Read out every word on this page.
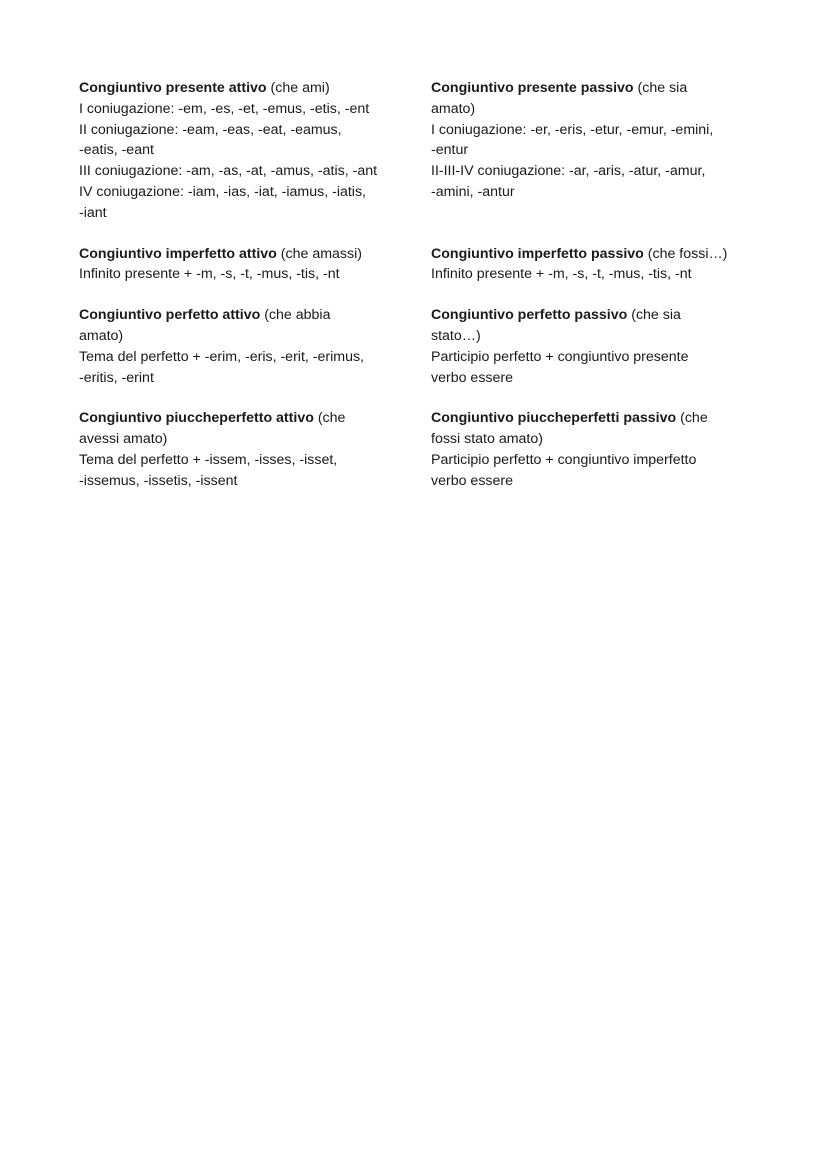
Congiuntivo presente attivo (che ami)
I coniugazione: -em, -es, -et, -emus, -etis, -ent
II coniugazione: -eam, -eas, -eat, -eamus,
-eatis, -eant
III coniugazione: -am, -as, -at, -amus, -atis, -ant
IV coniugazione: -iam, -ias, -iat, -iamus, -iatis,
-iant
Congiuntivo imperfetto attivo (che amassi)
Infinito presente + -m, -s, -t, -mus, -tis, -nt
Congiuntivo perfetto attivo (che abbia
amato)
Tema del perfetto + -erim, -eris, -erit, -erimus,
-eritis, -erint
Congiuntivo piuccheperfetto attivo (che
avessi amato)
Tema del perfetto + -issem, -isses, -isset,
-issemus, -issetis, -issent
Congiuntivo presente passivo (che sia
amato)
I coniugazione: -er, -eris, -etur, -emur, -emini,
-entur
II-III-IV coniugazione: -ar, -aris, -atur, -amur,
-amini, -antur

Congiuntivo imperfetto passivo (che fossi…)
Infinito presente + -m, -s, -t, -mus, -tis, -nt
Congiuntivo perfetto passivo (che sia
stato…)
Participio perfetto + congiuntivo presente
verbo essere
Congiuntivo piuccheperfetti passivo (che
fossi stato amato)
Participio perfetto + congiuntivo imperfetto
verbo essere
